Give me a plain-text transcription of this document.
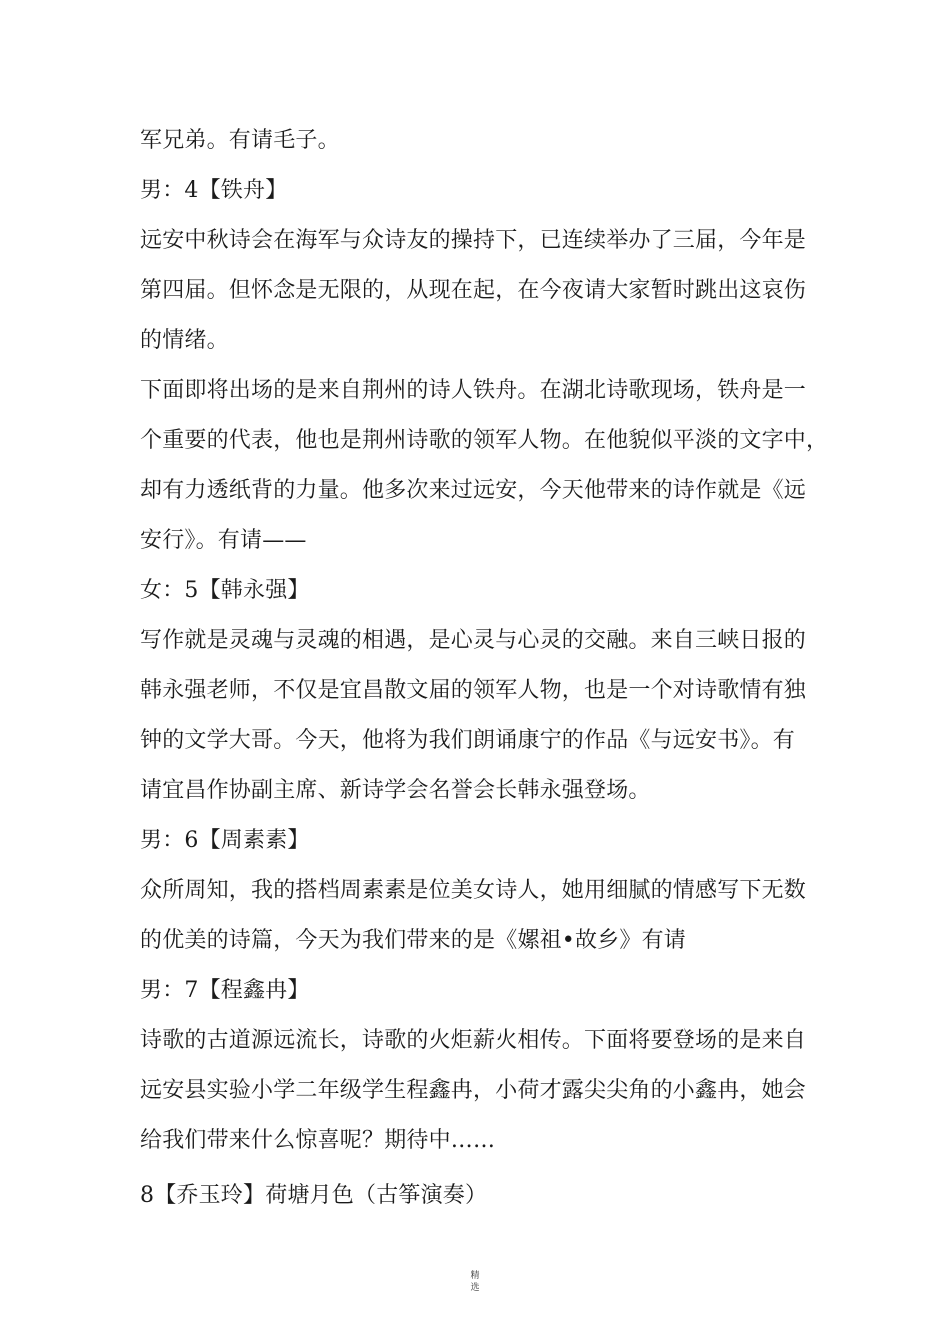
军兄弟。有请毛子。
男：4【铁舟】
远安中秋诗会在海军与众诗友的操持下，已连续举办了三届，今年是
第四届。但怀念是无限的，从现在起，在今夜请大家暂时跳出这哀伤
的情绪。
下面即将出场的是来自荆州的诗人铁舟。在湖北诗歌现场，铁舟是一
个重要的代表，他也是荆州诗歌的领军人物。在他貌似平淡的文字中，
却有力透纸背的力量。他多次来过远安，今天他带来的诗作就是《远
安行》。有请——
女：5【韩永强】
写作就是灵魂与灵魂的相遇，是心灵与心灵的交融。来自三峡日报的
韩永强老师，不仅是宜昌散文届的领军人物，也是一个对诗歌情有独
钟的文学大哥。今天，他将为我们朗诵康宁的作品《与远安书》。有
请宜昌作协副主席、新诗学会名誉会长韩永强登场。
男：6【周素素】
众所周知，我的搭档周素素是位美女诗人，她用细腻的情感写下无数
的优美的诗篇，今天为我们带来的是《嫘祖•故乡》有请
男：7【程鑫冉】
诗歌的古道源远流长，诗歌的火炬薪火相传。下面将要登场的是来自
远安县实验小学二年级学生程鑫冉，小荷才露尖尖角的小鑫冉，她会
给我们带来什么惊喜呢？期待中……
8【乔玉玲】荷塘月色（古筝演奏）
精
选
